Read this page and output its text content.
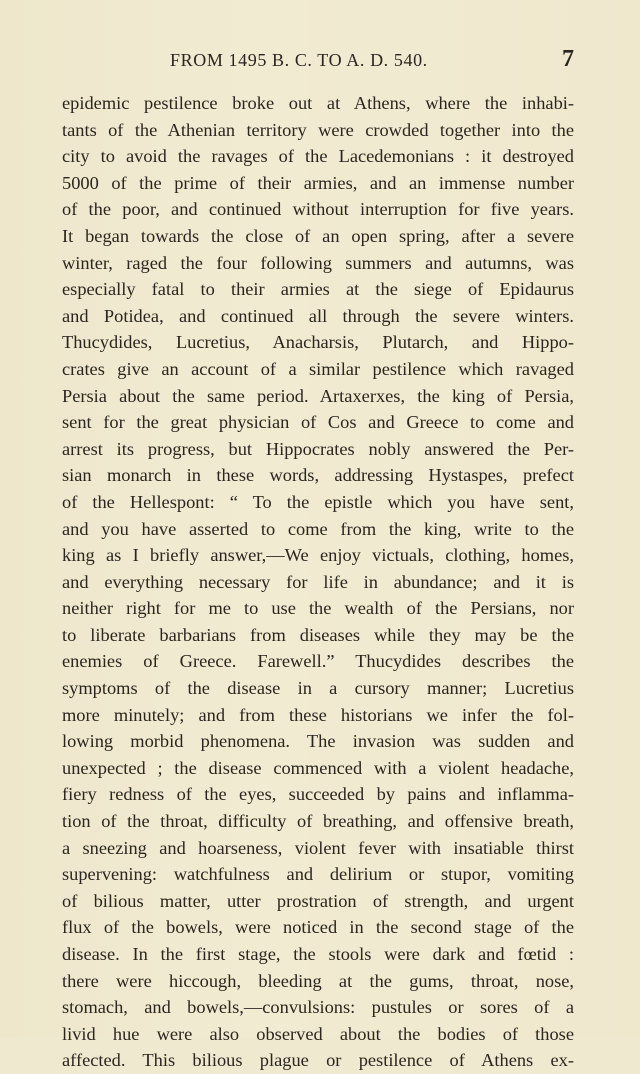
FROM 1495 B. C. TO A. D. 540.	7
epidemic pestilence broke out at Athens, where the inhabi-
tants of the Athenian territory were crowded together into the
city to avoid the ravages of the Lacedemonians : it destroyed
5000 of the prime of their armies, and an immense number
of the poor, and continued without interruption for five years.
It began towards the close of an open spring, after a severe
winter, raged the four following summers and autumns, was
especially fatal to their armies at the siege of Epidaurus
and Potidea, and continued all through the severe winters.
Thucydides, Lucretius, Anacharsis, Plutarch, and Hippo-
crates give an account of a similar pestilence which ravaged
Persia about the same period. Artaxerxes, the king of Persia,
sent for the great physician of Cos and Greece to come and
arrest its progress, but Hippocrates nobly answered the Per-
sian monarch in these words, addressing Hystaspes, prefect
of the Hellespont: “ To the epistle which you have sent,
and you have asserted to come from the king, write to the
king as I briefly answer,—We enjoy victuals, clothing, homes,
and everything necessary for life in abundance; and it is
neither right for me to use the wealth of the Persians, nor
to liberate barbarians from diseases while they may be the
enemies of Greece. Farewell.” Thucydides describes the
symptoms of the disease in a cursory manner; Lucretius
more minutely; and from these historians we infer the fol-
lowing morbid phenomena. The invasion was sudden and
unexpected ; the disease commenced with a violent headache,
fiery redness of the eyes, succeeded by pains and inflamma-
tion of the throat, difficulty of breathing, and offensive breath,
a sneezing and hoarseness, violent fever with insatiable thirst
supervening: watchfulness and delirium or stupor, vomiting
of bilious matter, utter prostration of strength, and urgent
flux of the bowels, were noticed in the second stage of the
disease. In the first stage, the stools were dark and fœtid :
there were hiccough, bleeding at the gums, throat, nose,
stomach, and bowels,—convulsions: pustules or sores of a
livid hue were also observed about the bodies of those
affected. This bilious plague or pestilence of Athens ex-
